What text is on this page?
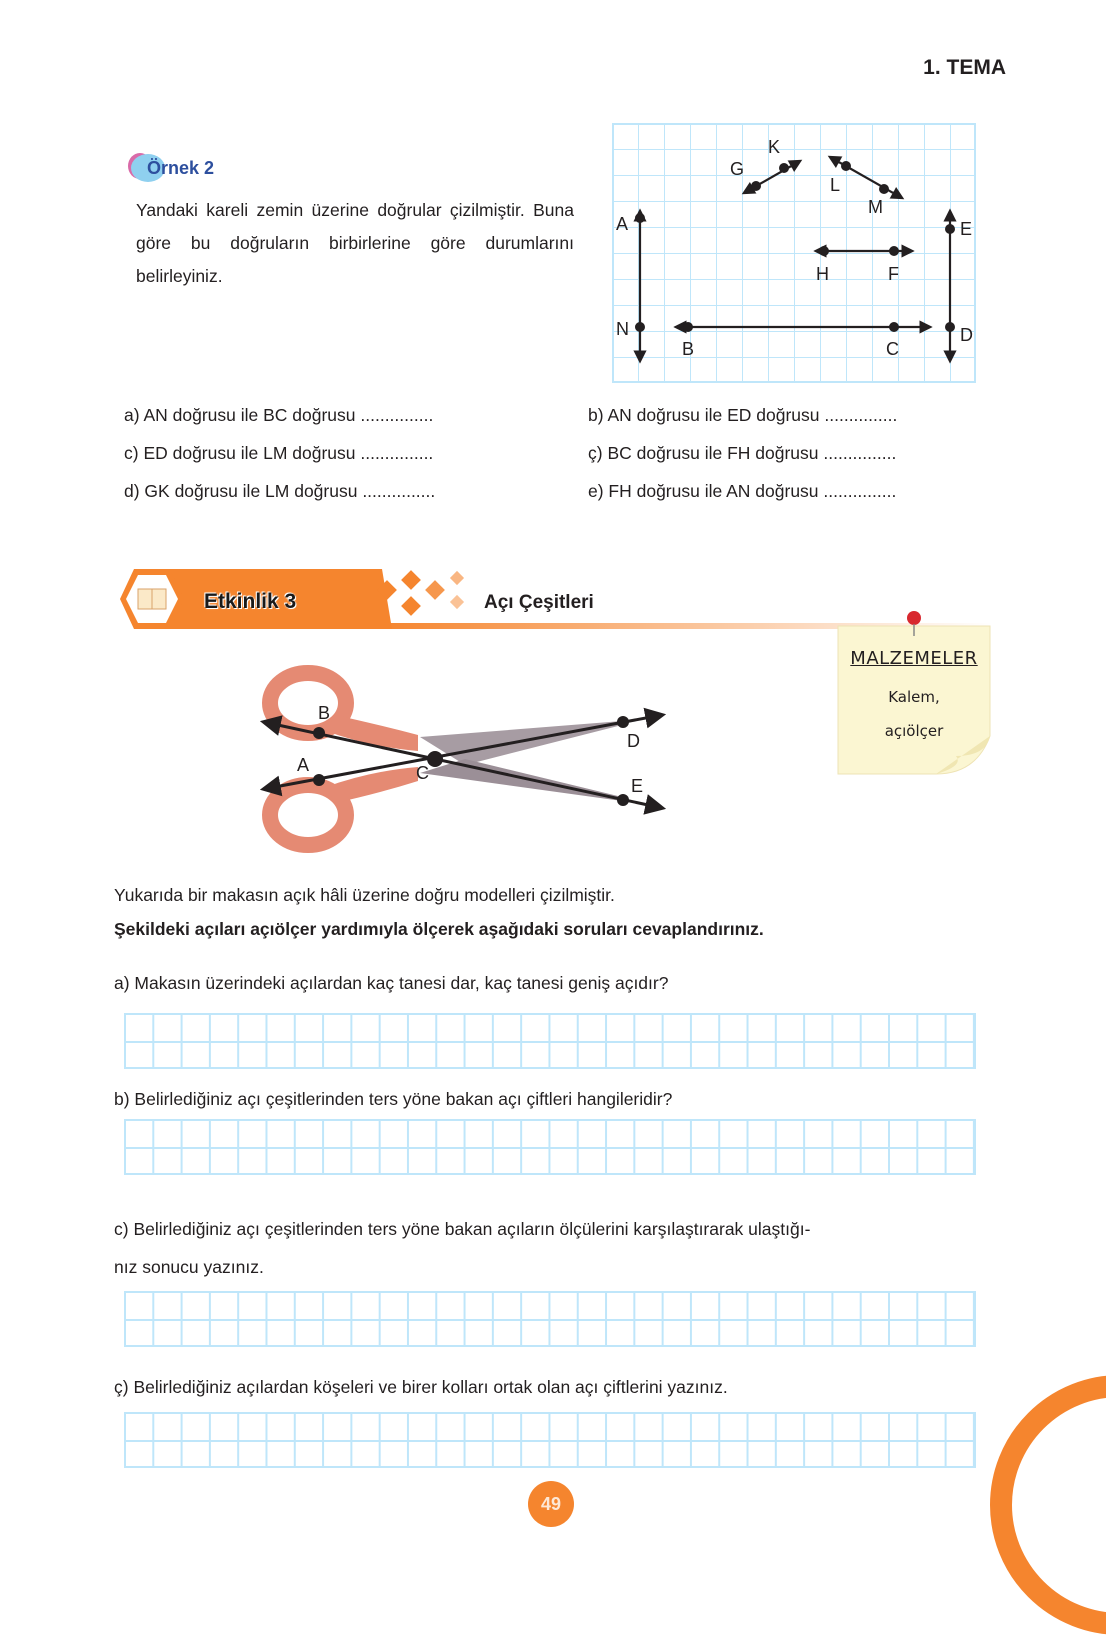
1. TEMA
Örnek 2
Yandaki kareli zemin üzerine doğrular çizilmiştir. Buna göre bu doğruların birbirlerine göre durumlarını belirleyiniz.
A
N
B	C
D
E
H	F
G
K
L
M
a) AN doğrusu ile BC doğrusu ...............	b) AN doğrusu ile ED doğrusu ...............
c) ED doğrusu ile LM doğrusu ...............	ç) BC doğrusu ile FH doğrusu ...............
d) GK doğrusu ile LM doğrusu ...............	e) FH doğrusu ile AN doğrusu ...............
Etkinlik 3	Açı Çeşitleri
MALZEMELER
Kalem,
açıölçer
B
A	C
D
E
Yukarıda bir makasın açık hâli üzerine doğru modelleri çizilmiştir.
Şekildeki açıları açıölçer yardımıyla ölçerek aşağıdaki soruları cevaplandırınız.
a) Makasın üzerindeki açılardan kaç tanesi dar, kaç tanesi geniş açıdır?
b) Belirlediğiniz açı çeşitlerinden ters yöne bakan açı çiftleri hangileridir?
c) Belirlediğiniz açı çeşitlerinden ters yöne bakan açıların ölçülerini karşılaştırarak ulaştığı-
nız sonucu yazınız.
ç) Belirlediğiniz açılardan köşeleri ve birer kolları ortak olan açı çiftlerini yazınız.
49
